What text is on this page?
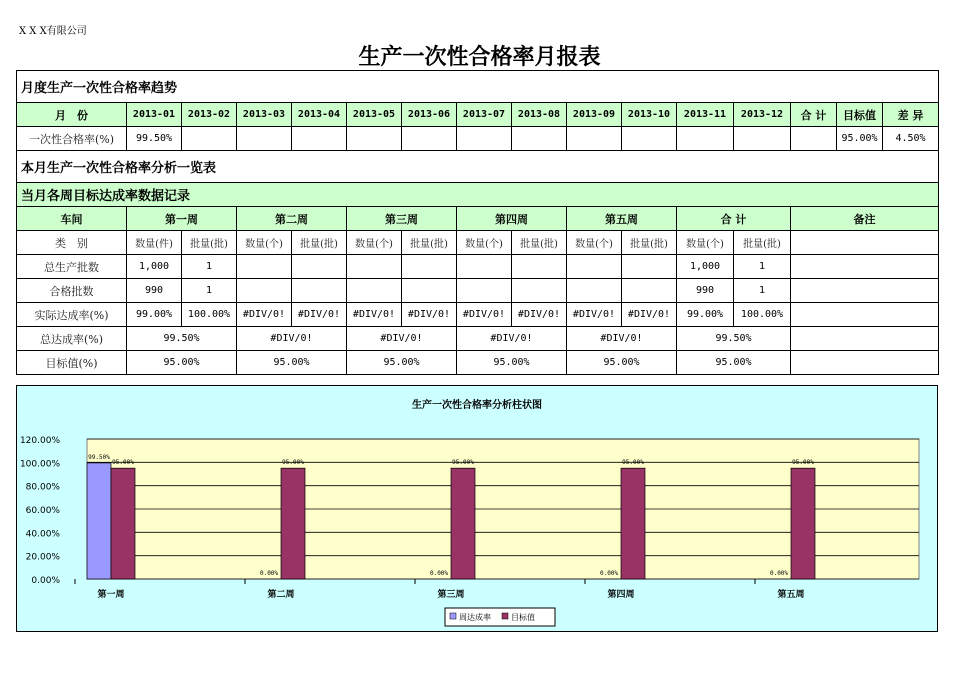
X X X有限公司
生产一次性合格率月报表
月度生产一次性合格率趋势															
月　份	2013-01	2013-02	2013-03	2013-04	2013-05	2013-06	2013-07	2013-08	2013-09	2013-10	2013-11	2013-12	合 计	目标值	差 异
一次性合格率(%)	99.50%													95.00%	4.50%
本月生产一次性合格率分析一览表															
当月各周目标达成率数据记录															
车间	第一周		第二周		第三周		第四周		第五周		合 计		备注		
类　别	数量(件)	批量(批)	数量(个)	批量(批)	数量(个)	批量(批)	数量(个)	批量(批)	数量(个)	批量(批)	数量(个)	批量(批)			
总生产批数	1,000	1									1,000	1			
合格批数	990	1									990	1			
实际达成率(%)	99.00%	100.00%	#DIV/0!	#DIV/0!	#DIV/0!	#DIV/0!	#DIV/0!	#DIV/0!	#DIV/0!	#DIV/0!	99.00%	100.00%			
总达成率(%)	99.50%		#DIV/0!		#DIV/0!		#DIV/0!		#DIV/0!		99.50%				
目标值(%)	95.00%		95.00%		95.00%		95.00%		95.00%		95.00%				
生产一次性合格率分析柱状图
0.00%
20.00%
40.00%
60.00%
80.00%
100.00%
120.00%
99.50%
95.00%
第一周
0.00%
95.00%
第二周
0.00%
95.00%
第三周
0.00%
95.00%
第四周
0.00%
95.00%
第五周
周达成率	目标值
